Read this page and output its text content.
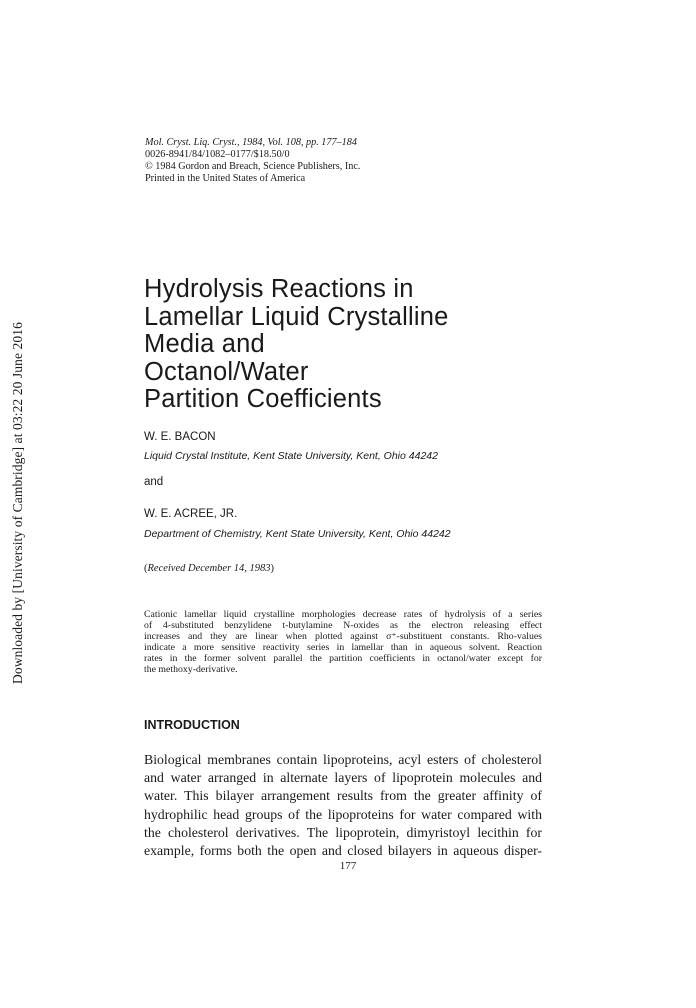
Downloaded by [University of Cambridge] at 03:22 20 June 2016
Mol. Cryst. Liq. Cryst., 1984, Vol. 108, pp. 177–184
0026-8941/84/1082–0177/$18.50/0
© 1984 Gordon and Breach, Science Publishers, Inc.
Printed in the United States of America
Hydrolysis Reactions in
Lamellar Liquid Crystalline
Media and
Octanol/Water
Partition Coefficients
W. E. BACON
Liquid Crystal Institute, Kent State University, Kent, Ohio 44242
and
W. E. ACREE, JR.
Department of Chemistry, Kent State University, Kent, Ohio 44242
(Received December 14, 1983)
Cationic lamellar liquid crystalline morphologies decrease rates of hydrolysis of a series
of 4-substituted benzylidene t-butylamine N-oxides as the electron releasing effect
increases and they are linear when plotted against σ⁺-substituent constants. Rho-values
indicate a more sensitive reactivity series in lamellar than in aqueous solvent. Reaction
rates in the former solvent parallel the partition coefficients in octanol/water except for
the methoxy-derivative.
INTRODUCTION
Biological membranes contain lipoproteins, acyl esters of cholesterol
and water arranged in alternate layers of lipoprotein molecules and
water. This bilayer arrangement results from the greater affinity of
hydrophilic head groups of the lipoproteins for water compared with
the cholesterol derivatives. The lipoprotein, dimyristoyl lecithin for
example, forms both the open and closed bilayers in aqueous disper-
177
